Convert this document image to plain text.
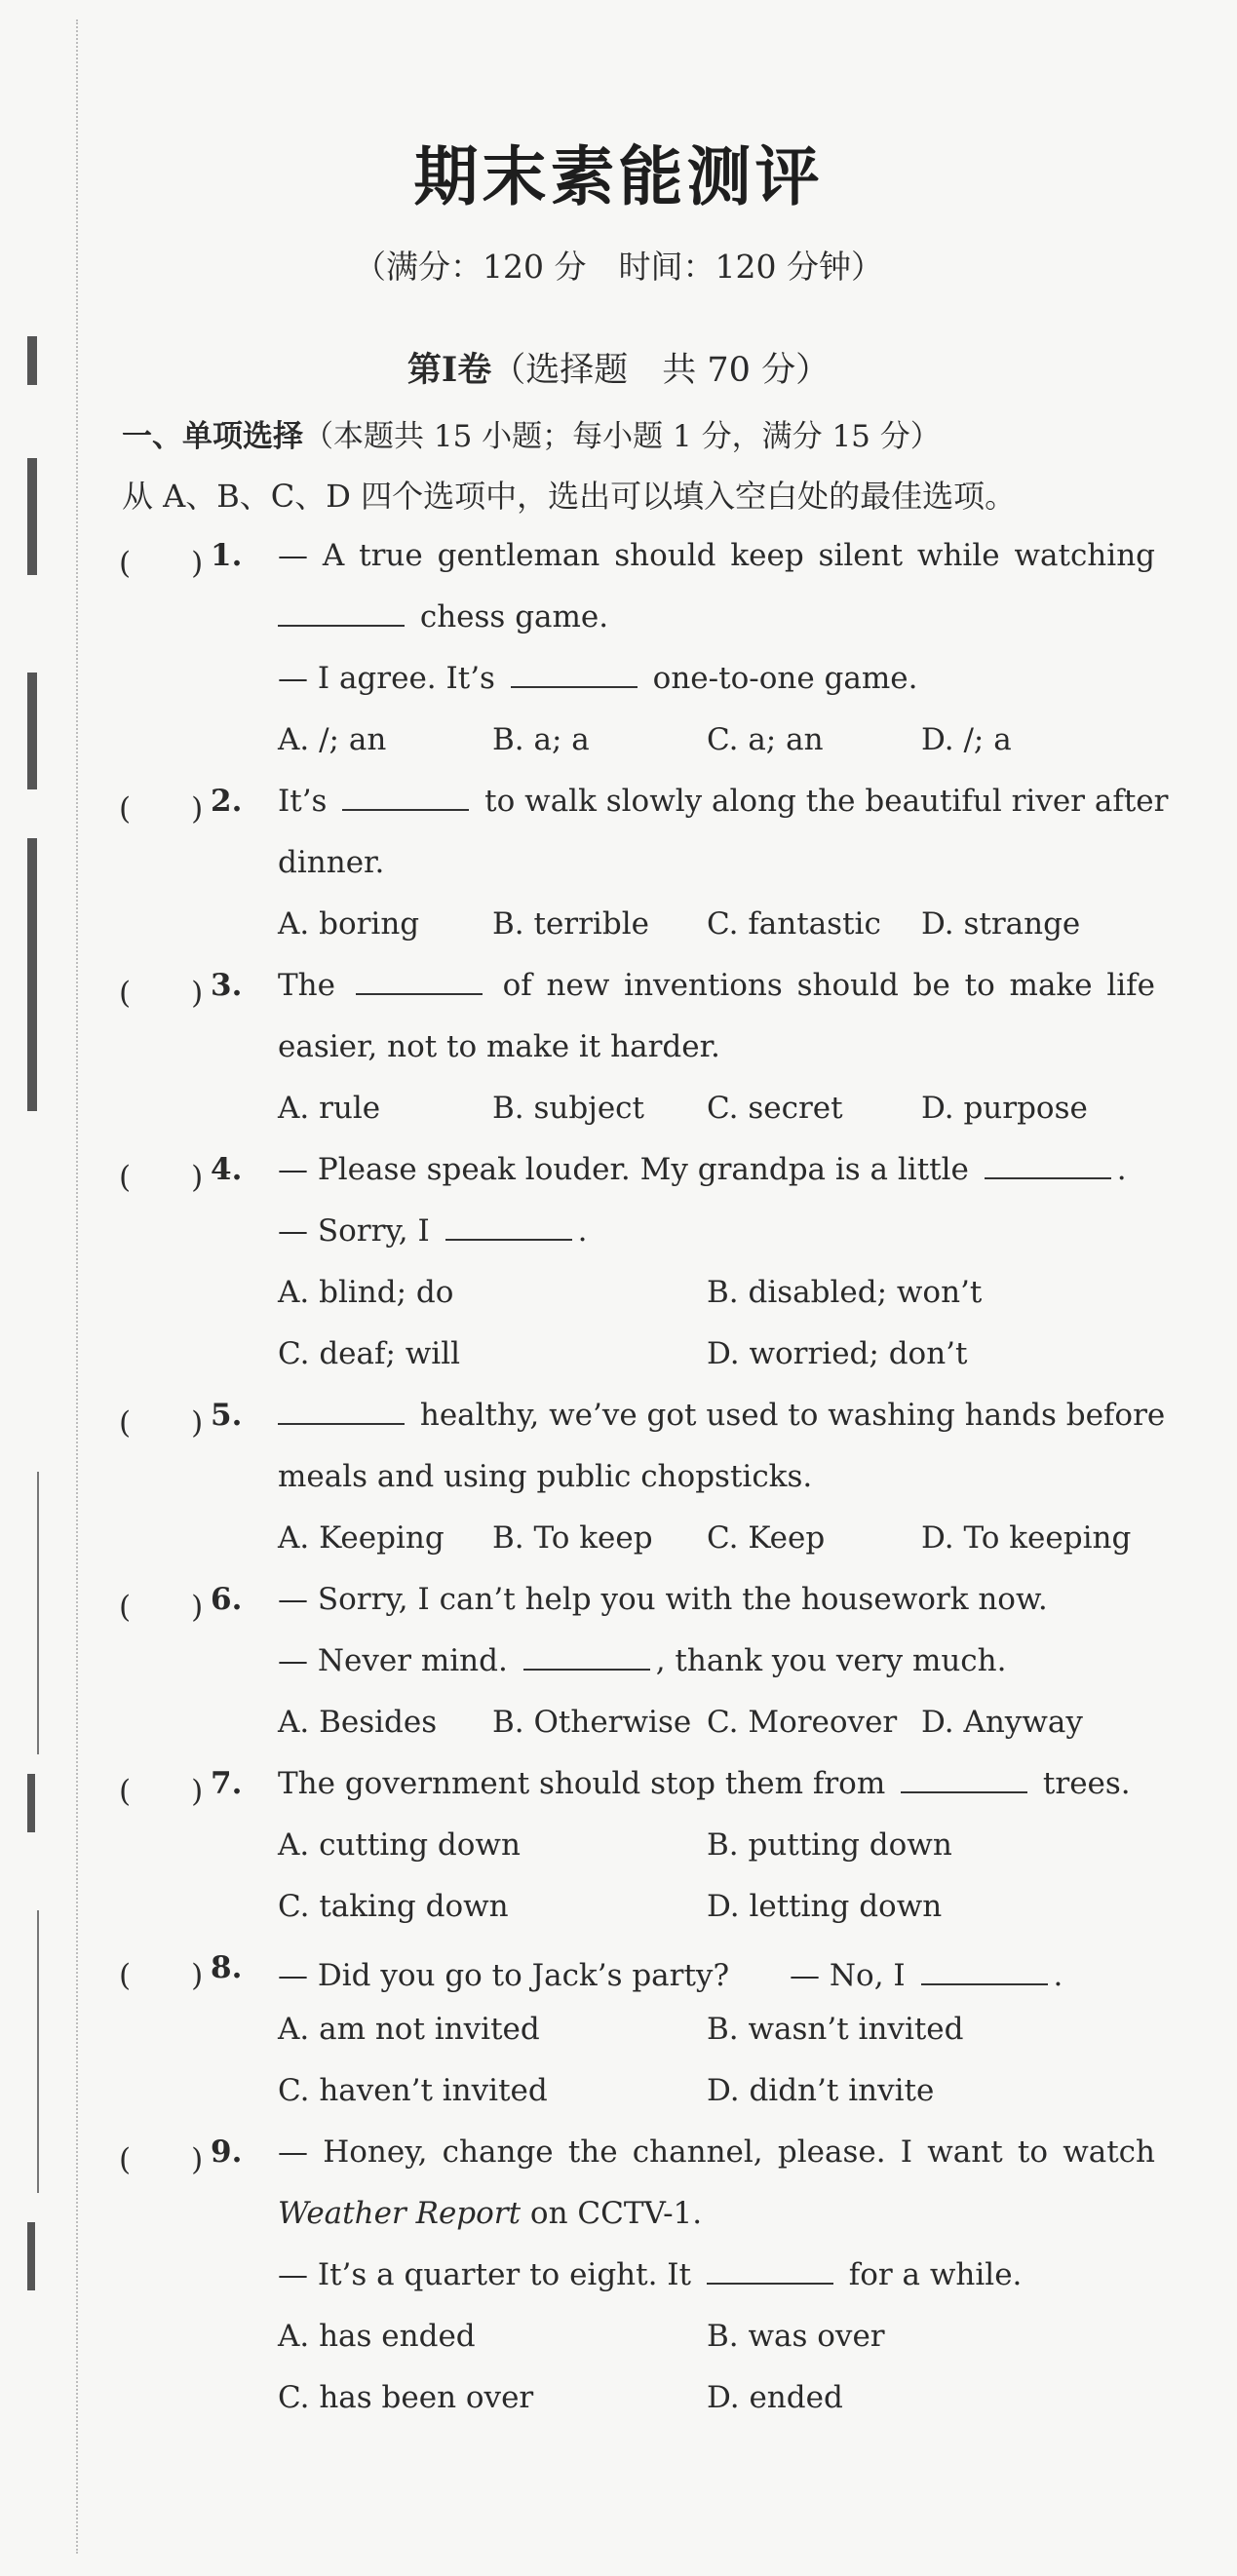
期末素能测评
（满分：120 分　时间：120 分钟）
第Ⅰ卷（选择题　共 70 分）
一、单项选择（本题共 15 小题；每小题 1 分，满分 15 分）
从 A、B、C、D 四个选项中，选出可以填入空白处的最佳选项。
(　　) 1. — A true gentleman should keep silent while watching
chess game.
— I agree. It’s	one-to-one game.
A. /; an	B. a; a	C. a; an	D. /; a
(　　) 2. It’s	to walk slowly along the beautiful river after
dinner.
A. boring B. terrible C. fantastic D. strange
(　　) 3. The	of new inventions should be to make life
easier, not to make it harder.
A. rule	B. subject C. secret	D. purpose
(　　) 4. — Please speak louder. My grandpa is a little	.
— Sorry, I	.
A. blind; do	B. disabled; won’t
C. deaf; will	D. worried; don’t
(　　) 5.	healthy, we’ve got used to washing hands before
meals and using public chopsticks.
A. Keeping B. To keep C. Keep	D. To keeping
(　　) 6. — Sorry, I can’t help you with the housework now.
— Never mind.	, thank you very much.
A. Besides B. Otherwise C. Moreover D. Anyway
(　　) 7. The government should stop them from	trees.
A. cutting down	B. putting down
C. taking down	D. letting down
(　　) 8. — Did you go to Jack’s party?　　— No, I	.
A. am not invited	B. wasn’t invited
C. haven’t invited	D. didn’t invite
(　　) 9. — Honey, change the channel, please. I want to watch
Weather Report on CCTV-1.
— It’s a quarter to eight. It	for a while.
A. has ended	B. was over
C. has been over	D. ended
